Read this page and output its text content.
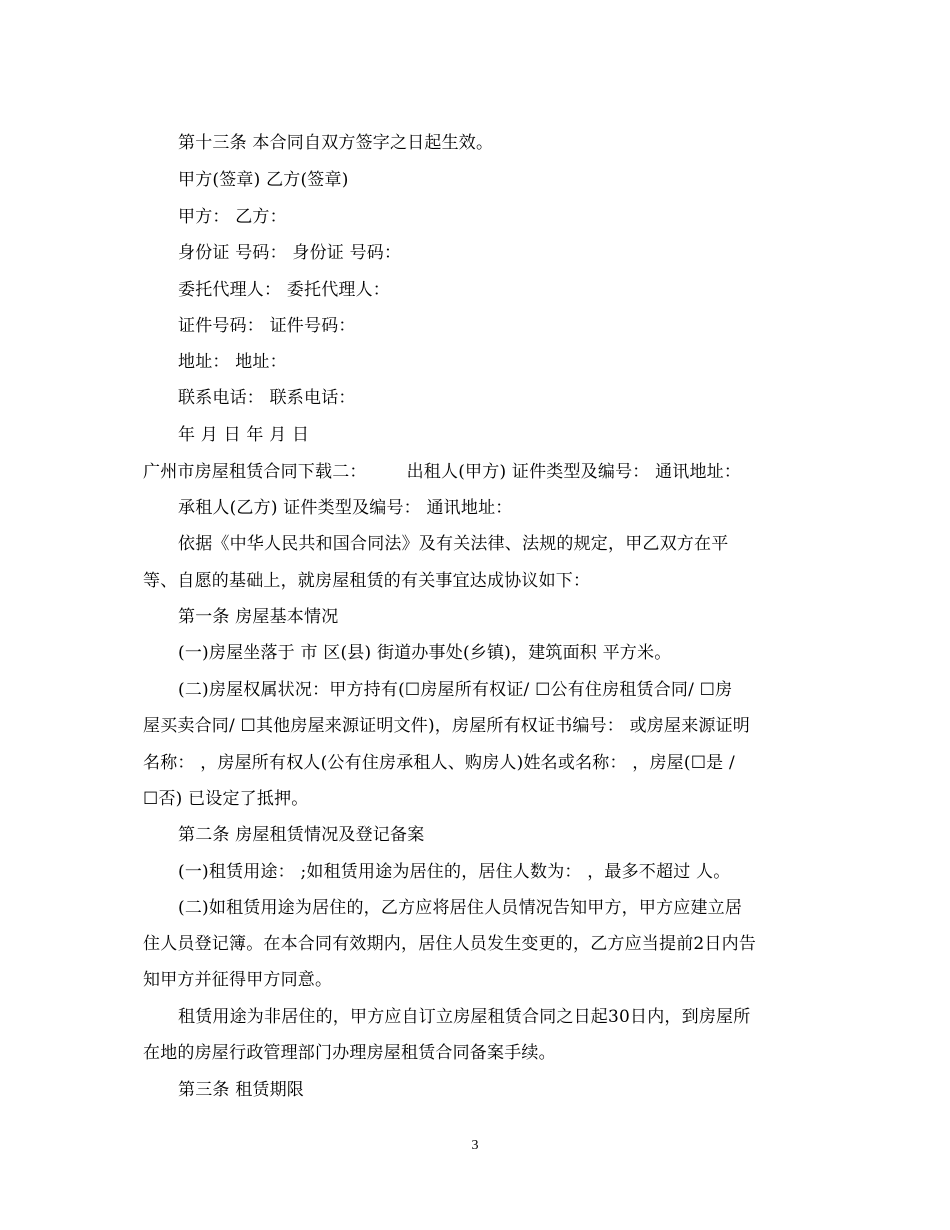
第十三条 本合同自双方签字之日起生效。
甲方(签章) 乙方(签章)
甲方： 乙方：
身份证 号码： 身份证 号码：
委托代理人： 委托代理人：
证件号码： 证件号码：
地址： 地址：
联系电话： 联系电话：
年 月 日 年 月 日
广州市房屋租赁合同下载二： 出租人(甲方) 证件类型及编号： 通讯地址：
承租人(乙方) 证件类型及编号： 通讯地址：
依据《中华人民共和国合同法》及有关法律、法规的规定，甲乙双方在平
等、自愿的基础上，就房屋租赁的有关事宜达成协议如下：
第一条 房屋基本情况
(一)房屋坐落于 市 区(县) 街道办事处(乡镇)，建筑面积 平方米。
(二)房屋权属状况：甲方持有(☐房屋所有权证/ ☐公有住房租赁合同/ ☐房
屋买卖合同/ ☐其他房屋来源证明文件)，房屋所有权证书编号： 或房屋来源证明
名称： ，房屋所有权人(公有住房承租人、购房人)姓名或名称： ，房屋(☐是 /
☐否) 已设定了抵押。
第二条 房屋租赁情况及登记备案
(一)租赁用途： ;如租赁用途为居住的，居住人数为： ，最多不超过 人。
(二)如租赁用途为居住的，乙方应将居住人员情况告知甲方，甲方应建立居
住人员登记簿。在本合同有效期内，居住人员发生变更的，乙方应当提前2日内告
知甲方并征得甲方同意。
租赁用途为非居住的，甲方应自订立房屋租赁合同之日起30日内，到房屋所
在地的房屋行政管理部门办理房屋租赁合同备案手续。
第三条 租赁期限
3
